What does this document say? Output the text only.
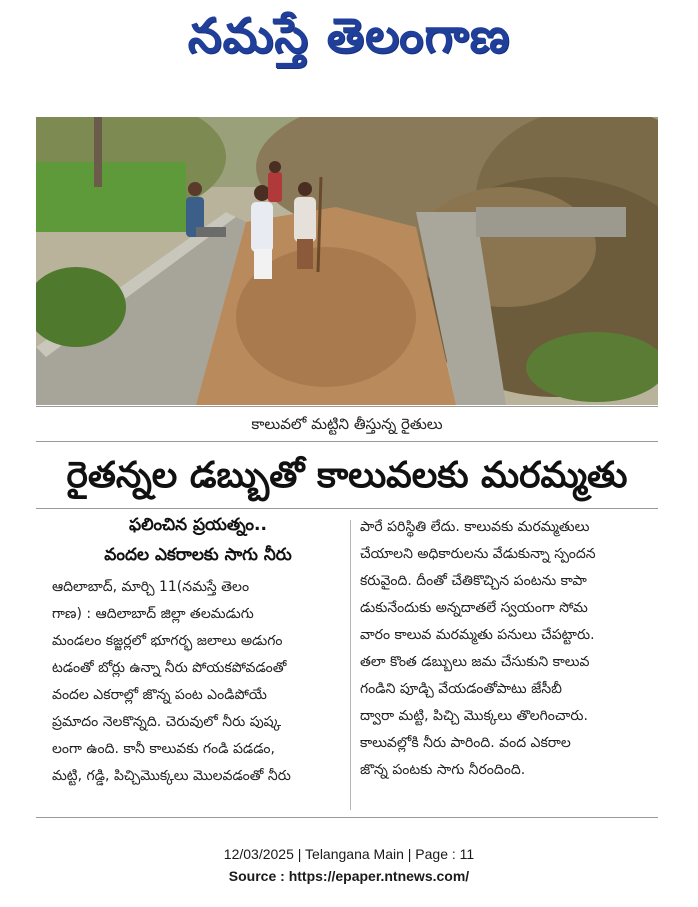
నమస్తే తెలంగాణ
కాలువలో మట్టిని తీస్తున్న రైతులు
రైతన్నల డబ్బుతో కాలువలకు మరమ్మతు
ఫలించిన ప్రయత్నం..
వందల ఎకరాలకు సాగు నీరు
ఆదిలాబాద్, మార్చి 11(నమస్తే తెలం
గాణ) : ఆదిలాబాద్ జిల్లా తలమడుగు
మండలం కజ్జర్లలో భూగర్భ జలాలు అడుగం
టడంతో బోర్లు ఉన్నా నీరు పోయకపోవడంతో
వందల ఎకరాల్లో జొన్న పంట ఎండిపోయే
ప్రమాదం నెలకొన్నది. చెరువులో నీరు పుష్క
లంగా ఉంది. కానీ కాలువకు గండి పడడం,
మట్టి, గడ్డి, పిచ్చిమొక్కలు మొలవడంతో నీరు
పారే పరిస్థితి లేదు. కాలువకు మరమ్మతులు
చేయాలని అధికారులను వేడుకున్నా స్పందన
కరువైంది. దీంతో చేతికొచ్చిన పంటను కాపా
డుకునేందుకు అన్నదాతలే స్వయంగా సోమ
వారం కాలువ మరమ్మతు పనులు చేపట్టారు.
తలా కొంత డబ్బులు జమ చేసుకుని కాలువ
గండిని పూడ్చి వేయడంతోపాటు జేసీబీ
ద్వారా మట్టి, పిచ్చి మొక్కలు తొలగించారు.
కాలువల్లోకి నీరు పారింది. వంద ఎకరాల
జొన్న పంటకు సాగు నీరందింది.
12/03/2025 | Telangana Main | Page : 11
Source : https://epaper.ntnews.com/
